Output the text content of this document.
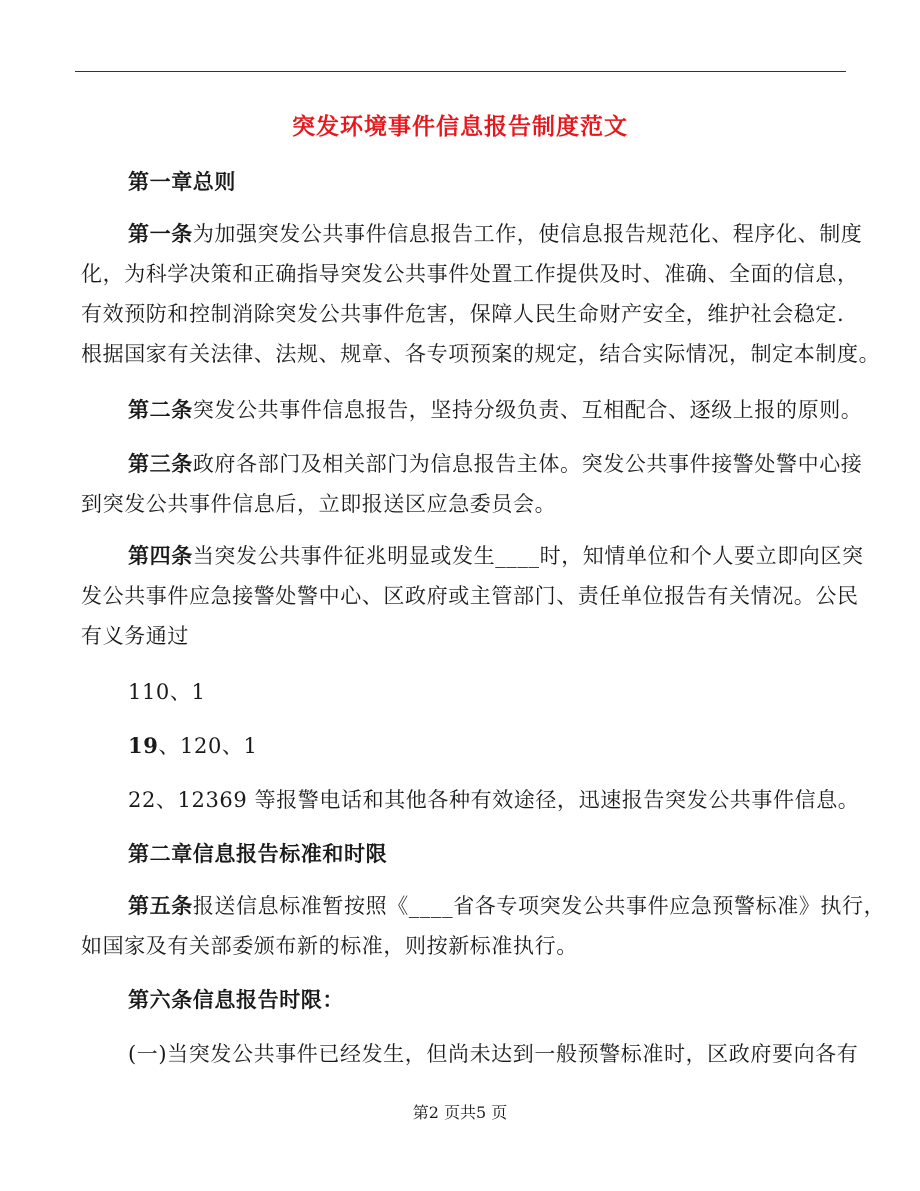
突发环境事件信息报告制度范文
第一章总则
第一条为加强突发公共事件信息报告工作，使信息报告规范化、程序化、制度
化，为科学决策和正确指导突发公共事件处置工作提供及时、准确、全面的信息，
有效预防和控制消除突发公共事件危害，保障人民生命财产安全，维护社会稳定.
根据国家有关法律、法规、规章、各专项预案的规定，结合实际情况，制定本制度。
第二条突发公共事件信息报告，坚持分级负责、互相配合、逐级上报的原则。
第三条政府各部门及相关部门为信息报告主体。突发公共事件接警处警中心接
到突发公共事件信息后，立即报送区应急委员会。
第四条当突发公共事件征兆明显或发生____时，知情单位和个人要立即向区突
发公共事件应急接警处警中心、区政府或主管部门、责任单位报告有关情况。公民
有义务通过
110、1
19、120、1
22、12369 等报警电话和其他各种有效途径，迅速报告突发公共事件信息。
第二章信息报告标准和时限
第五条报送信息标准暂按照《____省各专项突发公共事件应急预警标准》执行，
如国家及有关部委颁布新的标准，则按新标准执行。
第六条信息报告时限：
(一)当突发公共事件已经发生，但尚未达到一般预警标准时，区政府要向各有
第2 页共5 页
